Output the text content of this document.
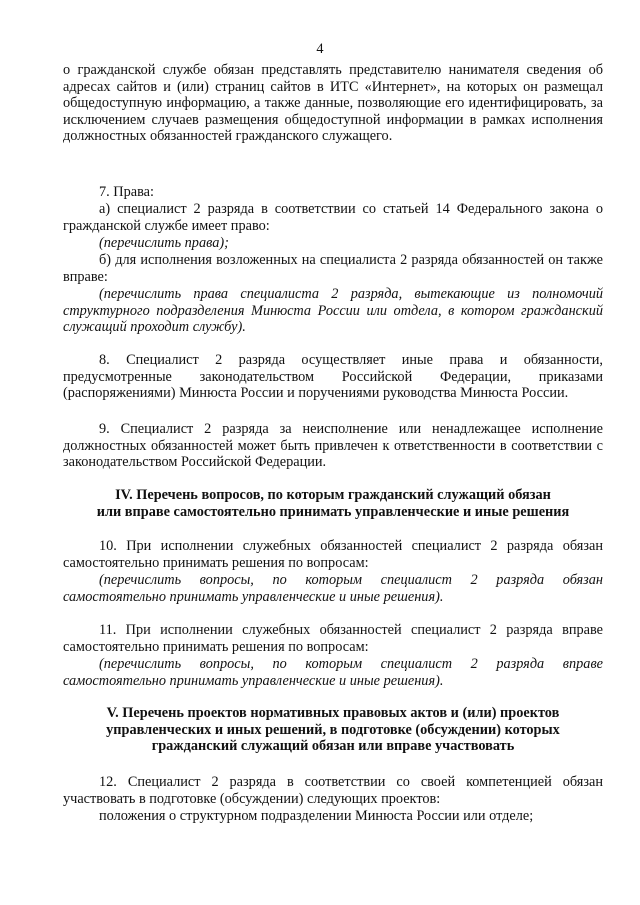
4

о гражданской службе обязан представлять представителю нанимателя сведения об адресах сайтов и (или) страниц сайтов в ИТС «Интернет», на которых он размещал общедоступную информацию, а также данные, позволяющие его идентифицировать, за исключением случаев размещения общедоступной информации в рамках исполнения должностных обязанностей гражданского служащего.

7. Права:

а) специалист 2 разряда в соответствии со статьей 14 Федерального закона о гражданской службе имеет право:

(перечислить права);

б) для исполнения возложенных на специалиста 2 разряда обязанностей он также вправе:

(перечислить права специалиста 2 разряда, вытекающие из полномочий структурного подразделения Минюста России или отдела, в котором гражданский служащий проходит службу).

8. Специалист 2 разряда осуществляет иные права и обязанности, предусмотренные законодательством Российской Федерации, приказами (распоряжениями) Минюста России и поручениями руководства Минюста России.

9. Специалист 2 разряда за неисполнение или ненадлежащее исполнение должностных обязанностей может быть привлечен к ответственности в соответствии с законодательством Российской Федерации.

IV. Перечень вопросов, по которым гражданский служащий обязан

или вправе самостоятельно принимать управленческие и иные решения

10. При исполнении служебных обязанностей специалист 2 разряда обязан самостоятельно принимать решения по вопросам:

(перечислить вопросы, по которым специалист 2 разряда обязан самостоятельно принимать управленческие и иные решения).

11. При исполнении служебных обязанностей специалист 2 разряда вправе самостоятельно принимать решения по вопросам:

(перечислить вопросы, по которым специалист 2 разряда вправе самостоятельно принимать управленческие и иные решения).

V. Перечень проектов нормативных правовых актов и (или) проектов

управленческих и иных решений, в подготовке (обсуждении) которых

гражданский служащий обязан или вправе участвовать

12. Специалист 2 разряда в соответствии со своей компетенцией обязан участвовать в подготовке (обсуждении) следующих проектов:

положения о структурном подразделении Минюста России или отделе;
